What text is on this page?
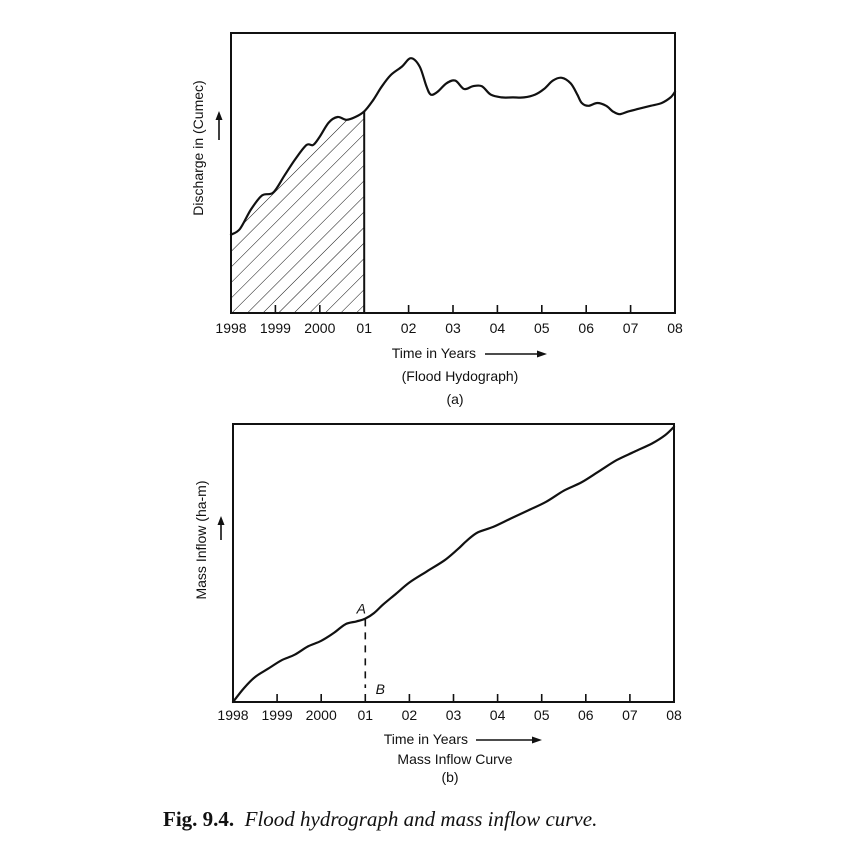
1998 1999 2000 01 02 03 04 05 06 07 08
Discharge in (Cumec)
Time in Years
(Flood Hydograph)
(a)
A
B
1998 1999 2000 01 02 03 04 05 06 07 08
Mass Inflow (ha-m)
Time in Years
Mass Inflow Curve
(b)
Fig. 9.4. Flood hydrograph and mass inflow curve.
